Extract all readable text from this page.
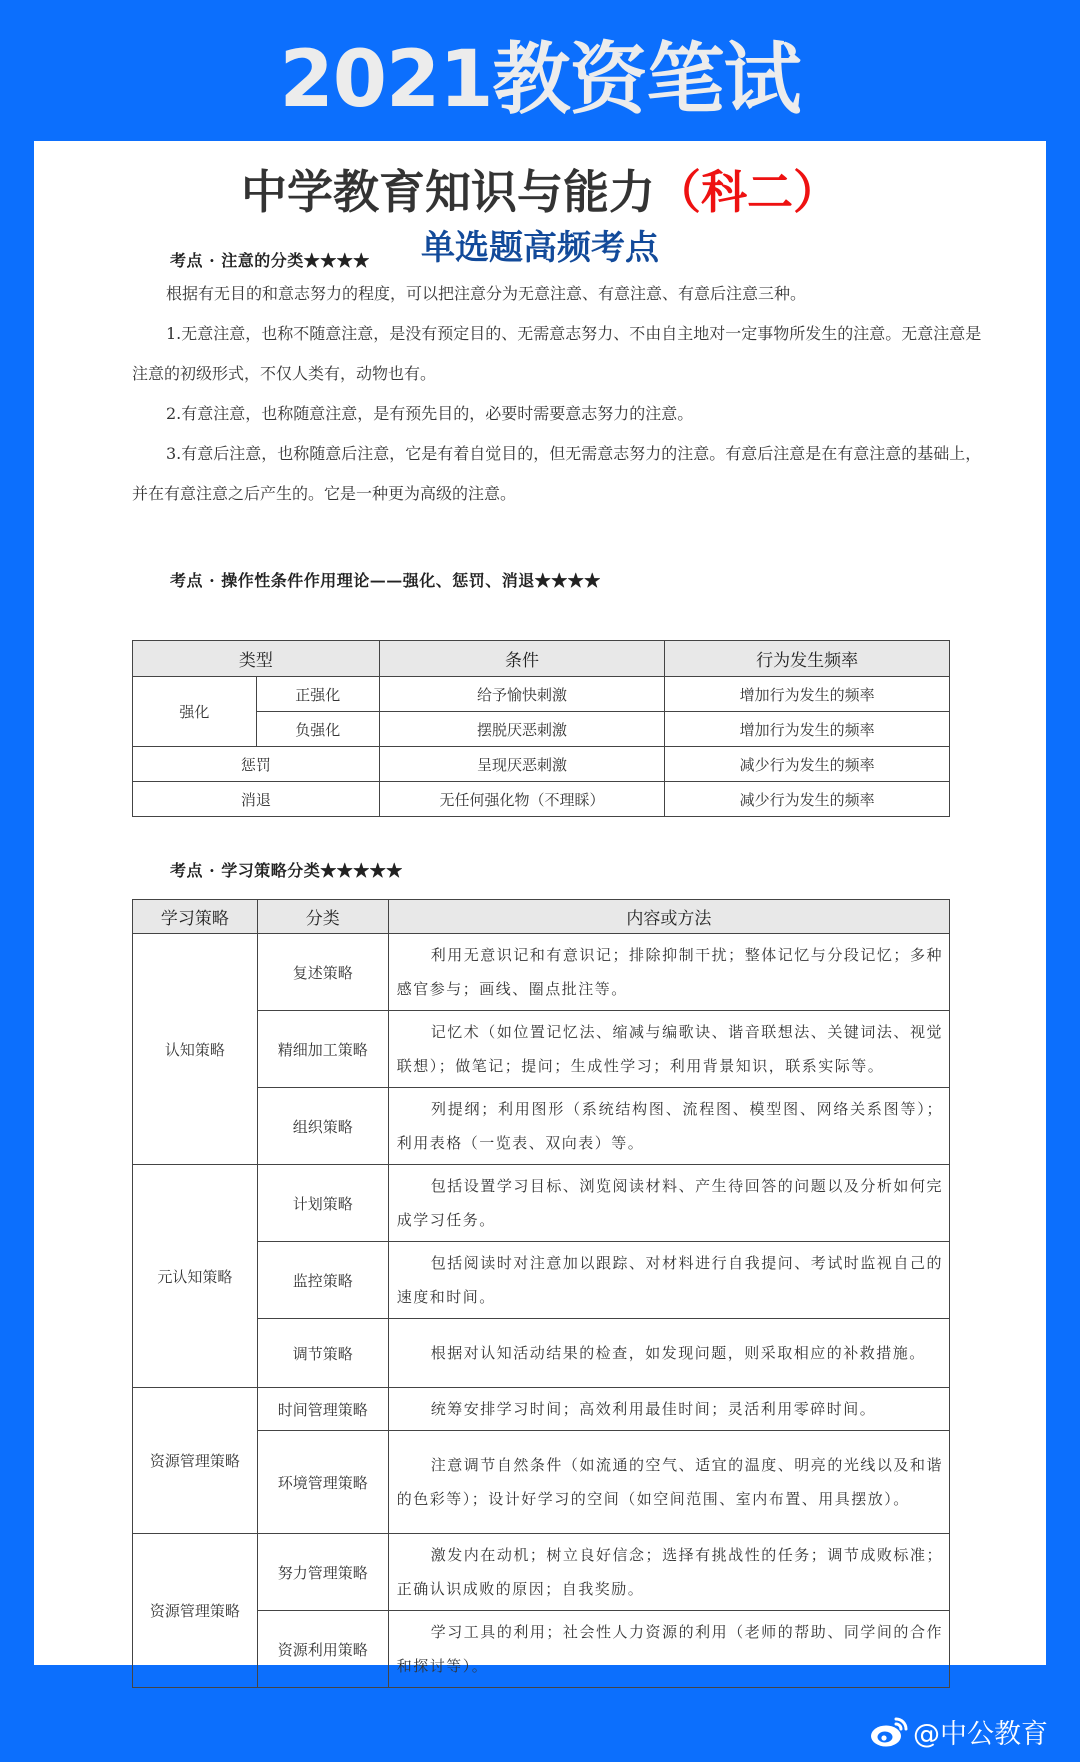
2021教资笔试
中学教育知识与能力（科二）
单选题高频考点
考点 · 注意的分类★★★★
根据有无目的和意志努力的程度，可以把注意分为无意注意、有意注意、有意后注意三种。
1.无意注意，也称不随意注意，是没有预定目的、无需意志努力、不由自主地对一定事物所发生的注意。无意注意是注意的初级形式，不仅人类有，动物也有。
2.有意注意，也称随意注意，是有预先目的，必要时需要意志努力的注意。
3.有意后注意，也称随意后注意，它是有着自觉目的，但无需意志努力的注意。有意后注意是在有意注意的基础上，并在有意注意之后产生的。它是一种更为高级的注意。
考点 · 操作性条件作用理论——强化、惩罚、消退★★★★
类型		条件	行为发生频率
强化	正强化	给予愉快刺激	增加行为发生的频率
	负强化	摆脱厌恶刺激	增加行为发生的频率
惩罚		呈现厌恶刺激	减少行为发生的频率
消退		无任何强化物（不理睬）	减少行为发生的频率
考点 · 学习策略分类★★★★★
学习策略	分类	内容或方法
认知策略	复述策略	利用无意识记和有意识记；排除抑制干扰；整体记忆与分段记忆；多种感官参与；画线、圈点批注等。
	精细加工策略	记忆术（如位置记忆法、缩减与编歌诀、谐音联想法、关键词法、视觉联想）；做笔记；提问；生成性学习；利用背景知识，联系实际等。
	组织策略	列提纲；利用图形（系统结构图、流程图、模型图、网络关系图等）；利用表格（一览表、双向表）等。
元认知策略	计划策略	包括设置学习目标、浏览阅读材料、产生待回答的问题以及分析如何完成学习任务。
	监控策略	包括阅读时对注意加以跟踪、对材料进行自我提问、考试时监视自己的速度和时间。
	调节策略	根据对认知活动结果的检查，如发现问题，则采取相应的补救措施。
资源管理策略	时间管理策略	统筹安排学习时间；高效利用最佳时间；灵活利用零碎时间。
	环境管理策略	注意调节自然条件（如流通的空气、适宜的温度、明亮的光线以及和谐的色彩等）；设计好学习的空间（如空间范围、室内布置、用具摆放）。
资源管理策略	努力管理策略	激发内在动机；树立良好信念；选择有挑战性的任务；调节成败标准；正确认识成败的原因；自我奖励。
	资源利用策略	学习工具的利用；社会性人力资源的利用（老师的帮助、同学间的合作和探讨等）。
@中公教育
